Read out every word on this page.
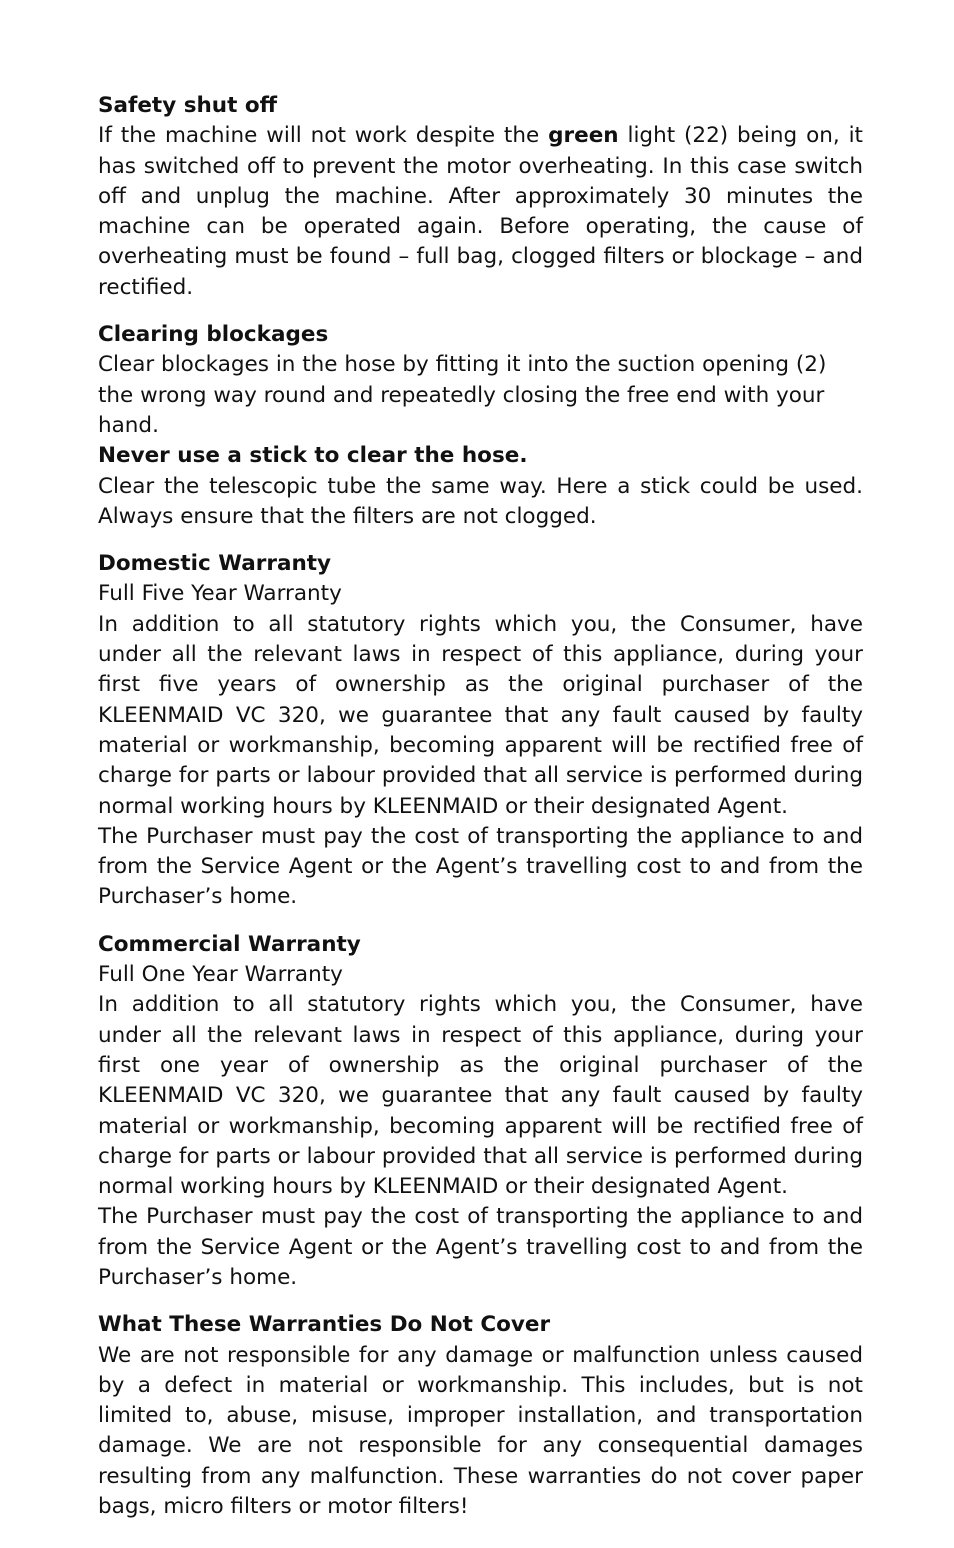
Safety shut off
If the machine will not work despite the green light (22) being on, it has switched off to prevent the motor overheating. In this case switch off and unplug the machine. After approximately 30 minutes the machine can be operated again. Before operating, the cause of overheating must be found – full bag, clogged filters or blockage – and rectified.
Clearing blockages
Clear blockages in the hose by fitting it into the suction opening (2) the wrong way round and repeatedly closing the free end with your hand.
Never use a stick to clear the hose.
Clear the telescopic tube the same way. Here a stick could be used. Always ensure that the filters are not clogged.
Domestic Warranty
Full Five Year Warranty
In addition to all statutory rights which you, the Consumer, have under all the relevant laws in respect of this appliance, during your first five years of ownership as the original purchaser of the KLEENMAID VC 320, we guarantee that any fault caused by faulty material or workmanship, becoming apparent will be rectified free of charge for parts or labour provided that all service is performed during normal working hours by KLEENMAID or their designated Agent.
The Purchaser must pay the cost of transporting the appliance to and from the Service Agent or the Agent’s travelling cost to and from the Purchaser’s home.
Commercial Warranty
Full One Year Warranty
In addition to all statutory rights which you, the Consumer, have under all the relevant laws in respect of this appliance, during your first one year of ownership as the original purchaser of the KLEENMAID VC 320, we guarantee that any fault caused by faulty material or workmanship, becoming apparent will be rectified free of charge for parts or labour provided that all service is performed during normal working hours by KLEENMAID or their designated Agent.
The Purchaser must pay the cost of transporting the appliance to and from the Service Agent or the Agent’s travelling cost to and from the Purchaser’s home.
What These Warranties Do Not Cover
We are not responsible for any damage or malfunction unless caused by a defect in material or workmanship. This includes, but is not limited to, abuse, misuse, improper installation, and transportation damage. We are not responsible for any consequential damages resulting from any malfunction. These warranties do not cover paper bags, micro filters or motor filters!
